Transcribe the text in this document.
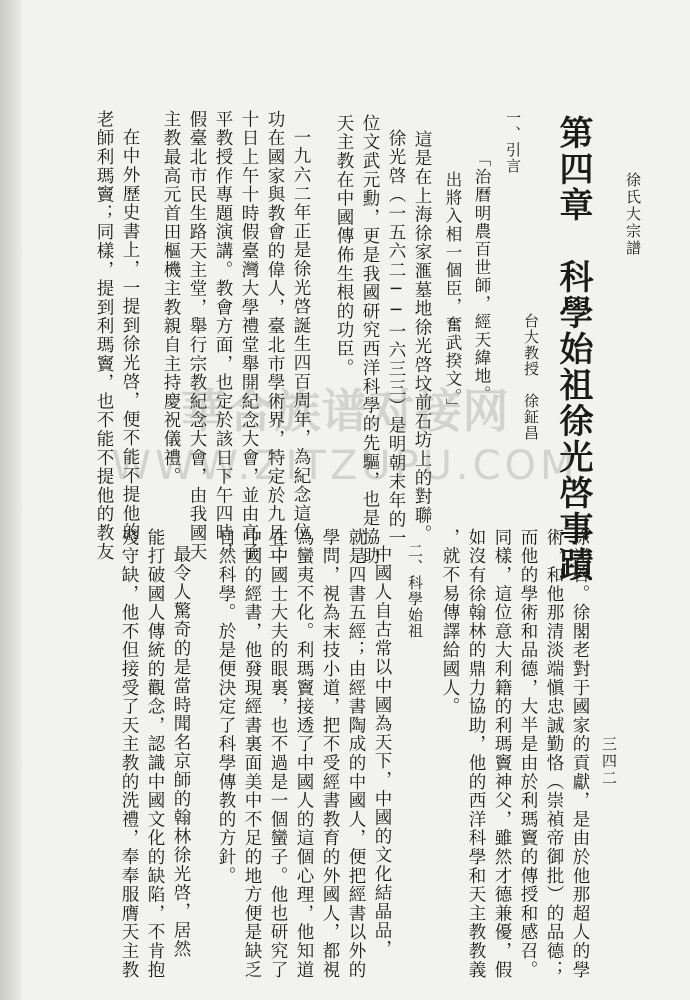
徐氏大宗譜
三四二
第四章　科學始祖徐光啓事蹟
一、引言
「治曆明農百世師，經天緯地。
出將入相一個臣，奮武揆文。」	台大教授　徐鉦昌
這是在上海徐家滙墓地徐光啓坟前石坊上的對聯。
徐光啓（一五六二──一六三三）是明朝末年的一
位文武元勳，更是我國研究西洋科學的先驅，也是協助
天主教在中國傳佈生根的功臣。
一九六二年正是徐光啓誕生四百周年，為紀念這位
功在國家與教會的偉人，臺北市學術界，特定於九月三
十日上午十時假臺灣大學禮堂舉開紀念大會，並由高子
平教授作專題演講。教會方面，也定於該日下午四時，
假臺北市民生路天主堂，舉行宗教紀念大會，由我國天
主教最高元首田樞機主教親自主持慶祝儀禮。
在中外歷史書上，一提到徐光啓，便不能不提他的
老師利瑪竇；同樣，提到利瑪竇，也不能不提他的教友
徐光啓。徐閣老對于國家的貢獻，是由於他那超人的學
術，和他那清淡端愼忠誠勤恪（崇禎帝御批）的品德；
而他的學術和品德，大半是由於利瑪竇的傳授和感召。
同樣，這位意大利籍的利瑪竇神父，雖然才德兼優，假
如沒有徐翰林的鼎力協助，他的西洋科學和天主教教義
，就不易傳譯給國人。
二、科學始祖
中國人自古常以中國為天下，中國的文化結晶品，
就是四書五經；由經書陶成的中國人，便把經書以外的
學問，視為末技小道，把不受經書教育的外國人，都視
為蠻夷不化。利瑪竇接透了中國人的這個心理，他知道
在中國士大夫的眼裏，也不過是一個蠻子。他也研究了
中國的經書，他發現經書裏面美中不足的地方便是缺乏
自然科學。於是便決定了科學傳教的方針。
最令人驚奇的是當時聞名京師的翰林徐光啓，居然
能打破國人傳統的觀念，認識中國文化的缺陷，不肯抱
殘守缺，他不但接受了天主教的洗禮，奉奉服膺天主教
華合族谱对接网
WWW.ZITZUPU.COM
